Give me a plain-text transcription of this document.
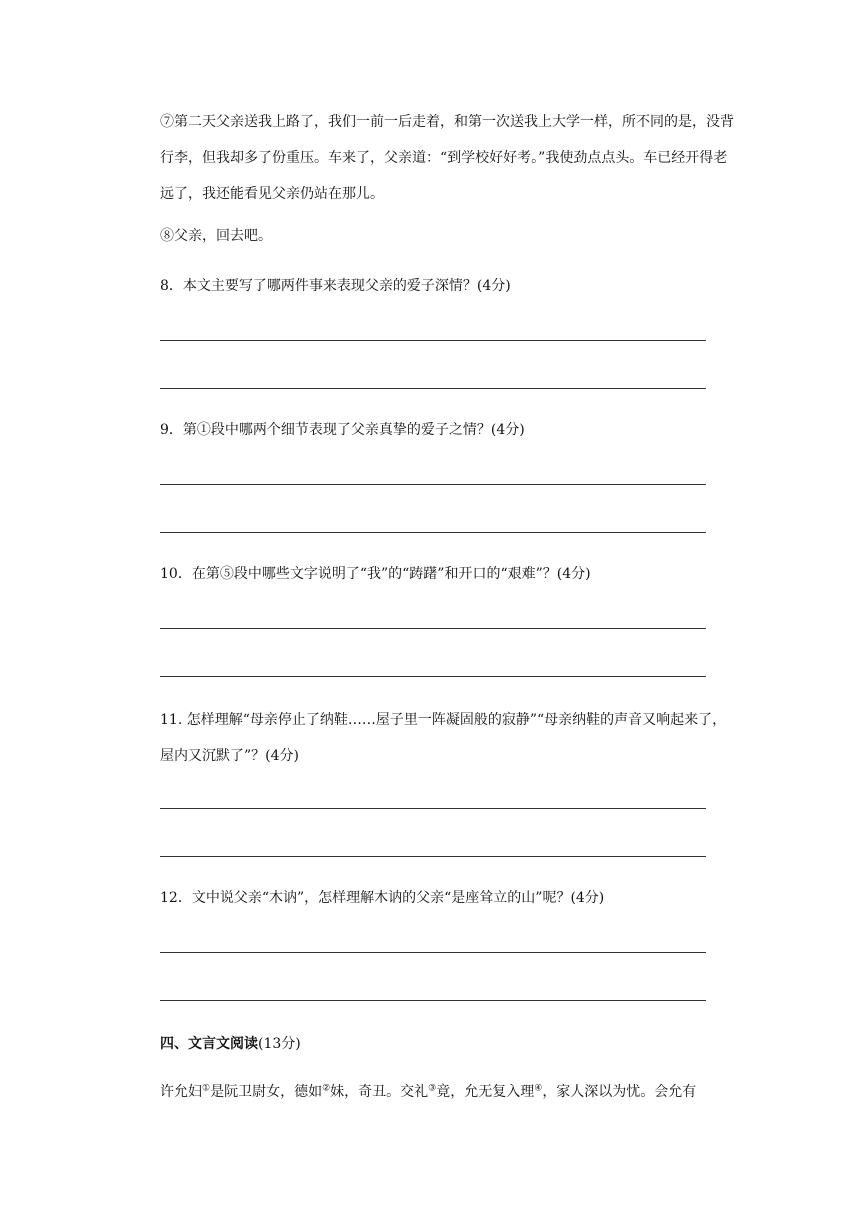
⑦第二天父亲送我上路了，我们一前一后走着，和第一次送我上大学一样，所不同的是，没背行李，但我却多了份重压。车来了，父亲道：“到学校好好考。”我使劲点点头。车已经开得老远了，我还能看见父亲仍站在那儿。

⑧父亲，回去吧。

8．本文主要写了哪两件事来表现父亲的爱子深情？(4分)

9．第①段中哪两个细节表现了父亲真挚的爱子之情？(4分)

10．在第⑤段中哪些文字说明了“我”的“踌躇”和开口的“艰难”？(4分)

11. 怎样理解“母亲停止了纳鞋……屋子里一阵凝固般的寂静”“母亲纳鞋的声音又响起来了，屋内又沉默了”？(4分)

12．文中说父亲“木讷”，怎样理解木讷的父亲“是座耸立的山”呢？(4分)

四、文言文阅读(13分)

许允妇①是阮卫尉女，德如②妹，奇丑。交礼③竟，允无复入理④，家人深以为忧。会允有
